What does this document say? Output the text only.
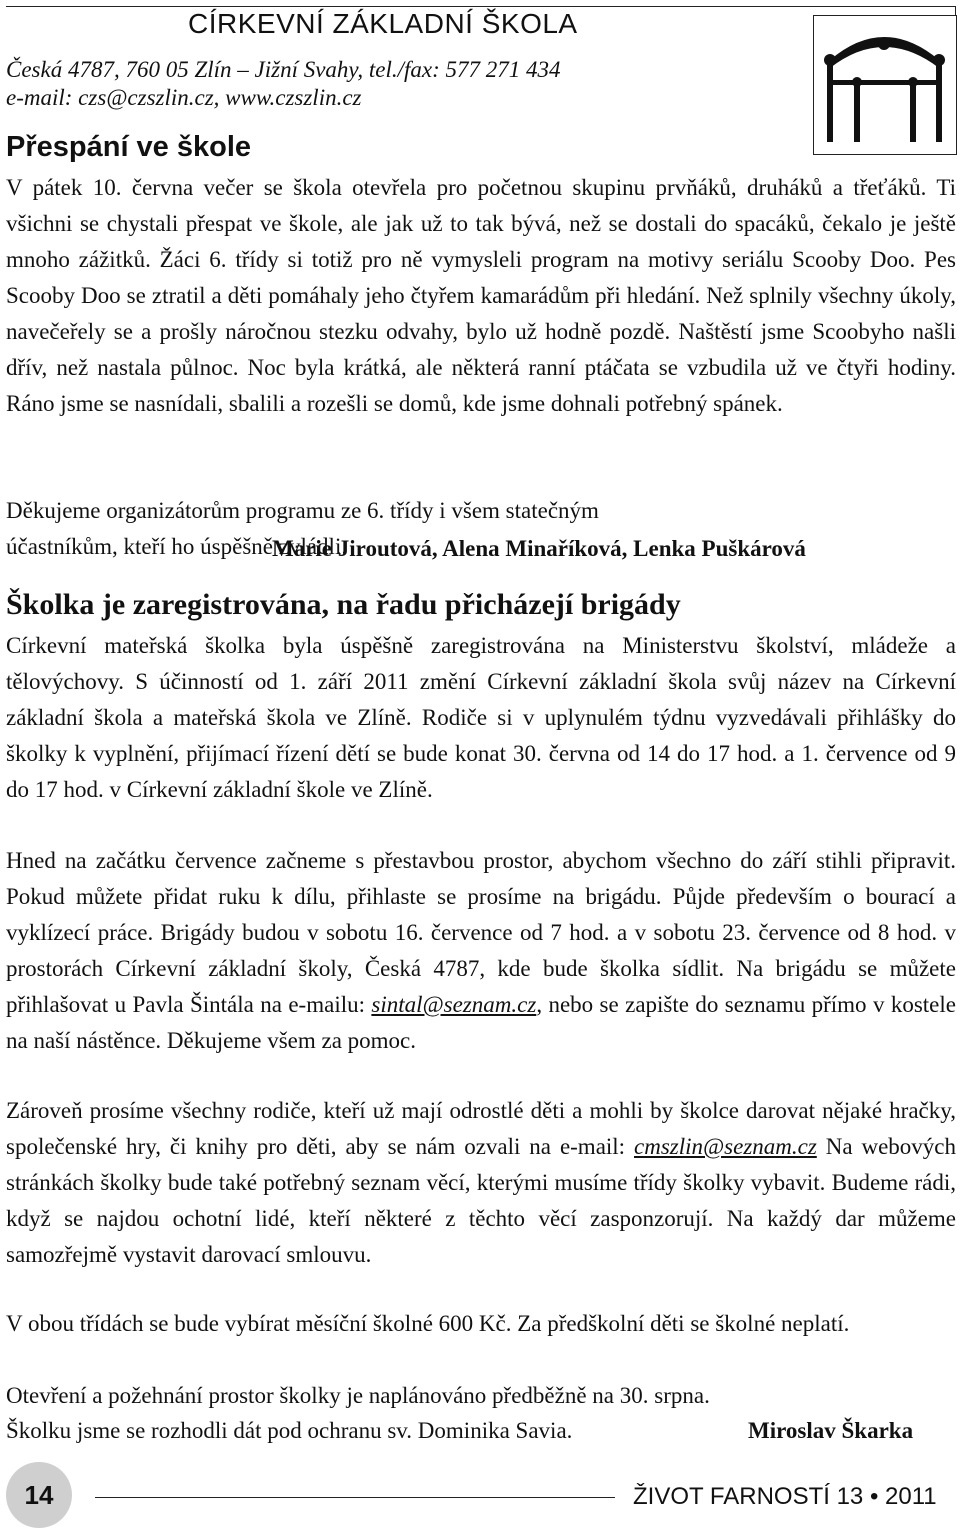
CÍRKEVNÍ ZÁKLADNÍ ŠKOLA
Česká 4787, 760 05 Zlín – Jižní Svahy, tel./fax: 577 271 434
e-mail: czs@czszlin.cz, www.czszlin.cz
Přespání ve škole

V pátek 10. června večer se škola otevřela pro početnou skupinu prvňáků, druháků a třeťáků. Ti všichni se chystali přespat ve škole, ale jak už to tak bývá, než se dostali do spacáků, čekalo je ještě mnoho zážitků. Žáci 6. třídy si totiž pro ně vymysleli program na motivy seriálu Scooby Doo. Pes Scooby Doo se ztratil a děti pomáhaly jeho čtyřem kamarádům při hledání. Než splnily všechny úkoly, navečeřely se a prošly náročnou stezku odvahy, bylo už hodně pozdě. Naštěstí jsme Scoobyho našli dřív, než nastala půlnoc. Noc byla krátká, ale některá ranní ptáčata se vzbudila už ve čtyři hodiny. Ráno jsme se nasnídali, sbalili a rozešli se domů, kde jsme dohnali potřebný spánek.

Děkujeme organizátorům programu ze 6. třídy i všem statečným účastníkům, kteří ho úspěšně zvládli.

Marie Jiroutová, Alena Minaříková, Lenka Puškárová
Školka je zaregistrována, na řadu přicházejí brigády

Církevní mateřská školka byla úspěšně zaregistrována na Ministerstvu školství, mládeže a tělovýchovy. S účinností od 1. září 2011 změní Církevní základní škola svůj název na Církevní základní škola a mateřská škola ve Zlíně. Rodiče si v uplynulém týdnu vyzvedávali přihlášky do školky k vyplnění, přijímací řízení dětí se bude konat 30. června od 14 do 17 hod. a 1. července od 9 do 17 hod. v Církevní základní škole ve Zlíně.

Hned na začátku července začneme s přestavbou prostor, abychom všechno do září stihli připravit. Pokud můžete přidat ruku k dílu, přihlaste se prosíme na brigádu. Půjde především o bourací a vyklízecí práce. Brigády budou v sobotu 16. července od 7 hod. a v sobotu 23. července od 8 hod. v prostorách Církevní základní školy, Česká 4787, kde bude školka sídlit. Na brigádu se můžete přihlašovat u Pavla Šintála na e-mailu: sintal@seznam.cz, nebo se zapište do seznamu přímo v kostele na naší nástěnce. Děkujeme všem za pomoc.

Zároveň prosíme všechny rodiče, kteří už mají odrostlé děti a mohli by školce darovat nějaké hračky, společenské hry, či knihy pro děti, aby se nám ozvali na e-mail: cmszlin@seznam.cz Na webových stránkách školky bude také potřebný seznam věcí, kterými musíme třídy školky vybavit. Budeme rádi, když se najdou ochotní lidé, kteří některé z těchto věcí zasponzorují. Na každý dar můžeme samozřejmě vystavit darovací smlouvu.

V obou třídách se bude vybírat měsíční školné 600 Kč. Za předškolní děti se školné neplatí.

Otevření a požehnání prostor školky je naplánováno předběžně na 30. srpna.

Školku jsme se rozhodli dát pod ochranu sv. Dominika Savia.	Miroslav Škarka
14	ŽIVOT FARNOSTÍ 13 • 2011
